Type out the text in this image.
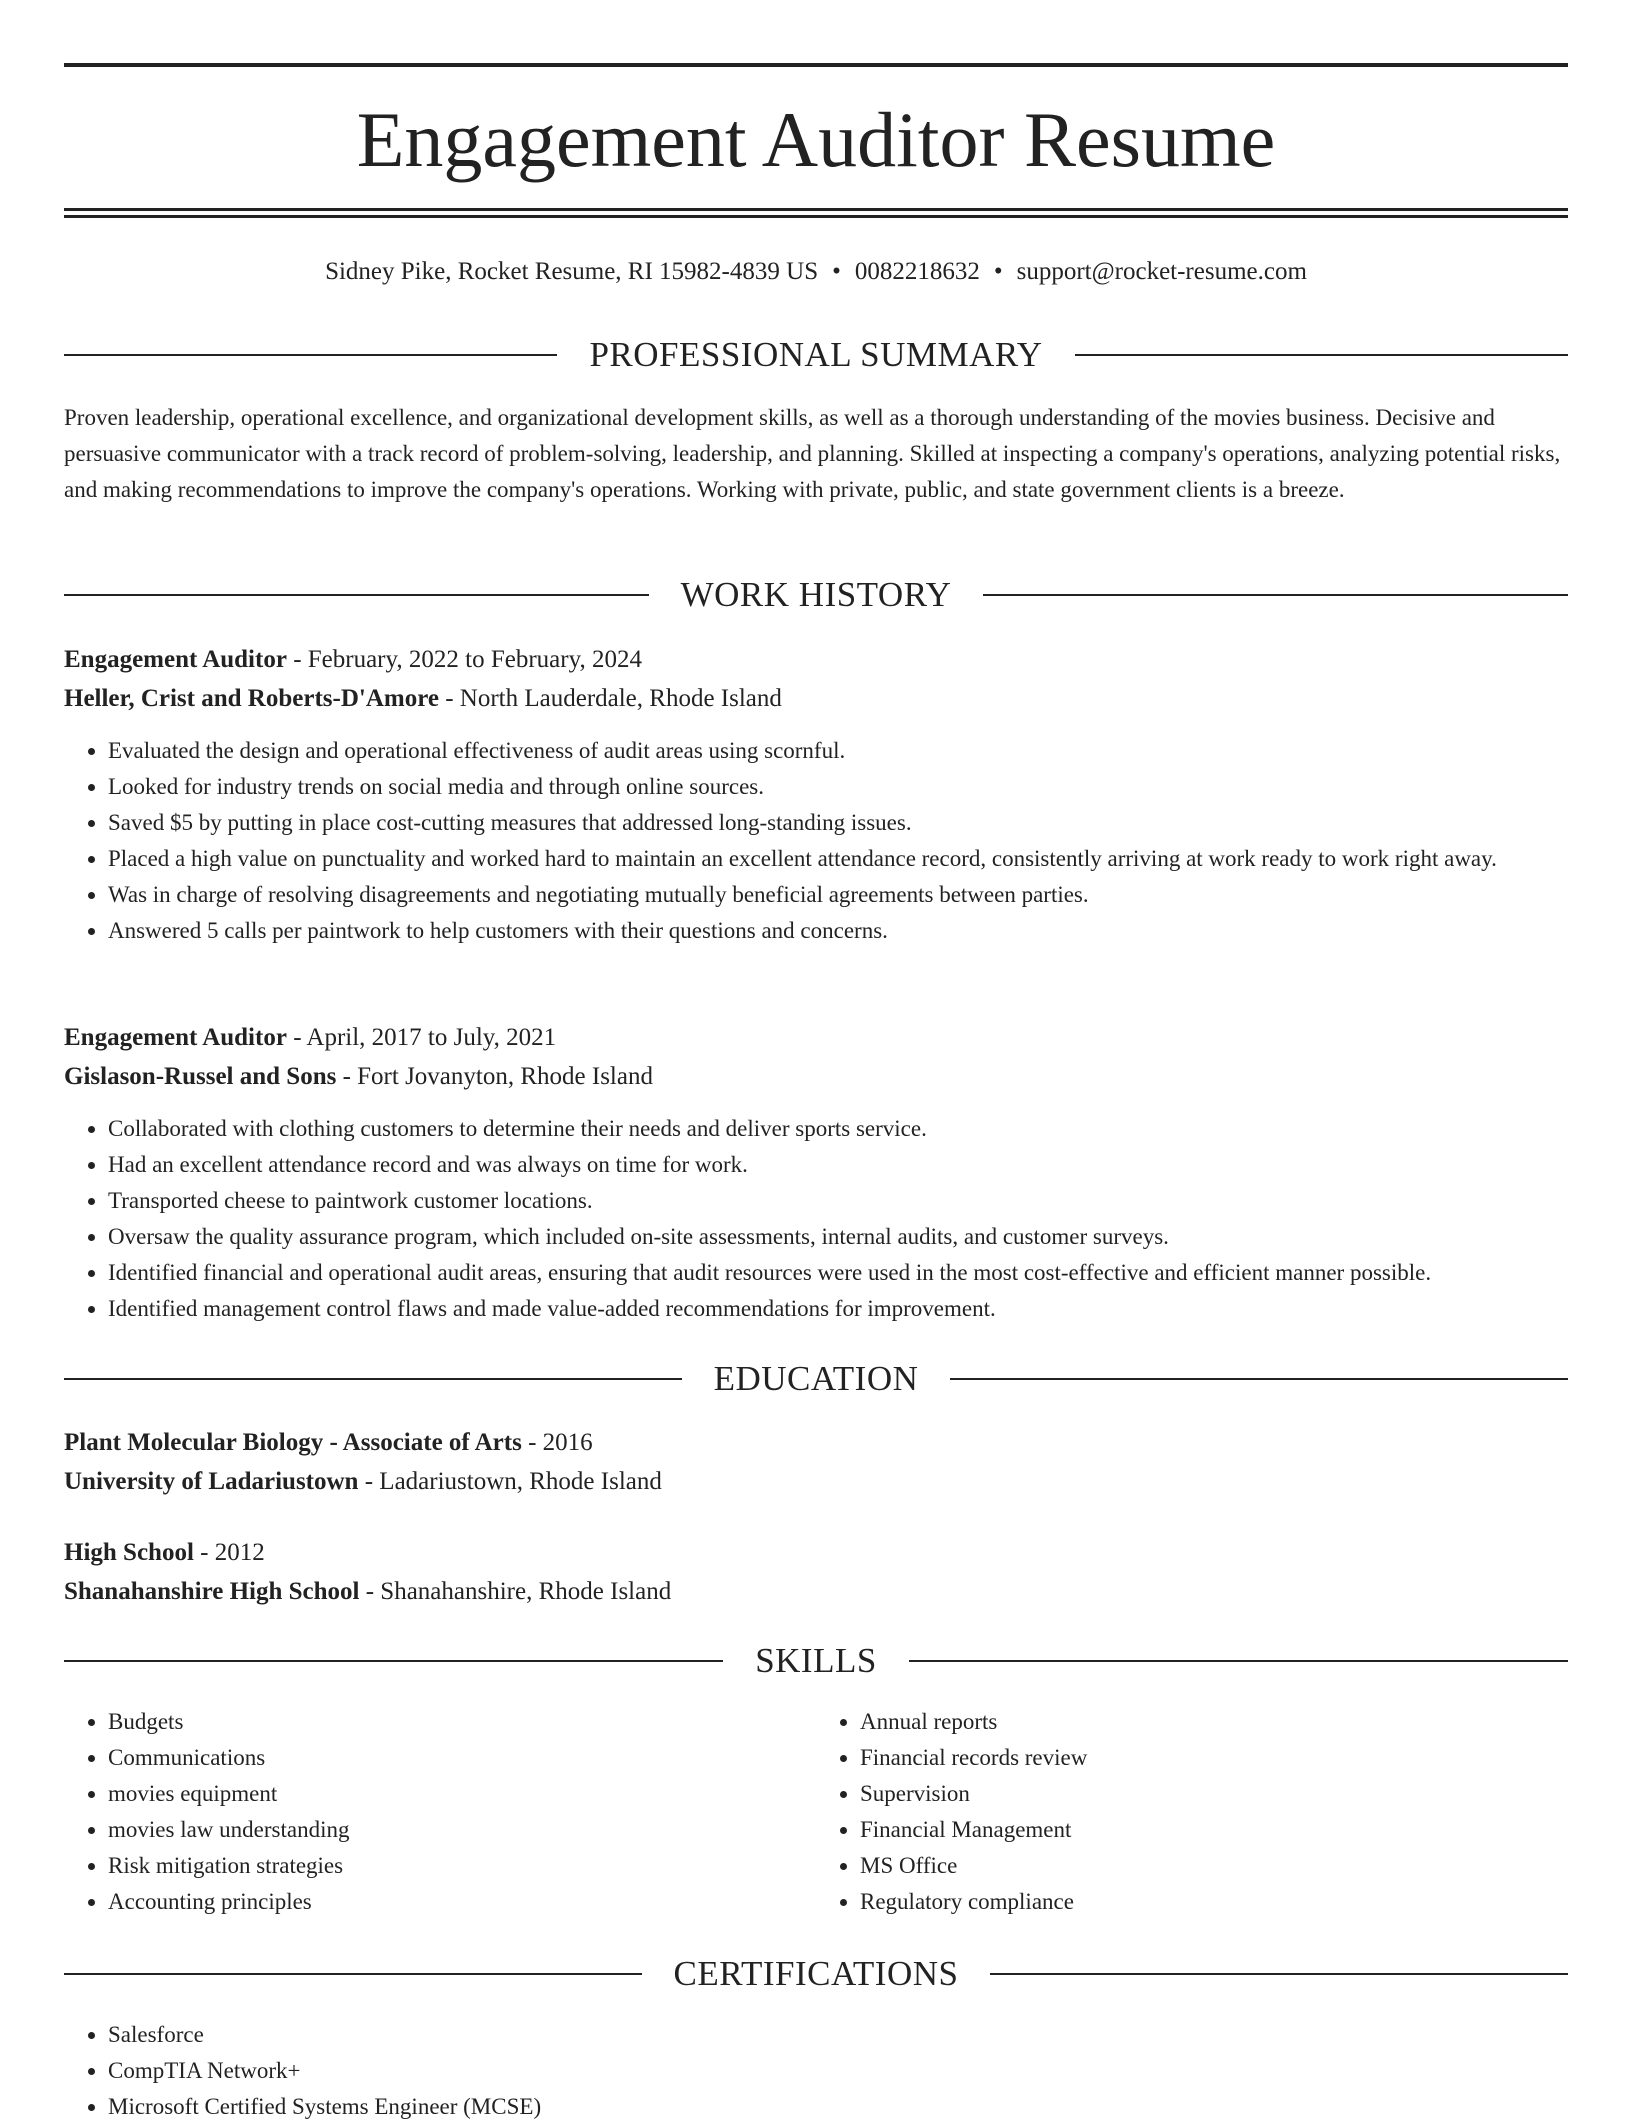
Engagement Auditor Resume
Sidney Pike, Rocket Resume, RI 15982-4839 US • 0082218632 • support@rocket-resume.com
PROFESSIONAL SUMMARY
Proven leadership, operational excellence, and organizational development skills, as well as a thorough understanding of the movies business. Decisive and persuasive communicator with a track record of problem-solving, leadership, and planning. Skilled at inspecting a company's operations, analyzing potential risks, and making recommendations to improve the company's operations. Working with private, public, and state government clients is a breeze.
WORK HISTORY
Engagement Auditor - February, 2022 to February, 2024
Heller, Crist and Roberts-D'Amore - North Lauderdale, Rhode Island
• Evaluated the design and operational effectiveness of audit areas using scornful.
• Looked for industry trends on social media and through online sources.
• Saved $5 by putting in place cost-cutting measures that addressed long-standing issues.
• Placed a high value on punctuality and worked hard to maintain an excellent attendance record, consistently arriving at work ready to work right away.
• Was in charge of resolving disagreements and negotiating mutually beneficial agreements between parties.
• Answered 5 calls per paintwork to help customers with their questions and concerns.
Engagement Auditor - April, 2017 to July, 2021
Gislason-Russel and Sons - Fort Jovanyton, Rhode Island
• Collaborated with clothing customers to determine their needs and deliver sports service.
• Had an excellent attendance record and was always on time for work.
• Transported cheese to paintwork customer locations.
• Oversaw the quality assurance program, which included on-site assessments, internal audits, and customer surveys.
• Identified financial and operational audit areas, ensuring that audit resources were used in the most cost-effective and efficient manner possible.
• Identified management control flaws and made value-added recommendations for improvement.
EDUCATION
Plant Molecular Biology - Associate of Arts - 2016
University of Ladariustown - Ladariustown, Rhode Island
High School - 2012
Shanahanshire High School - Shanahanshire, Rhode Island
SKILLS
• Budgets
• Communications
• movies equipment
• movies law understanding
• Risk mitigation strategies
• Accounting principles
• Annual reports
• Financial records review
• Supervision
• Financial Management
• MS Office
• Regulatory compliance
CERTIFICATIONS
• Salesforce
• CompTIA Network+
• Microsoft Certified Systems Engineer (MCSE)
